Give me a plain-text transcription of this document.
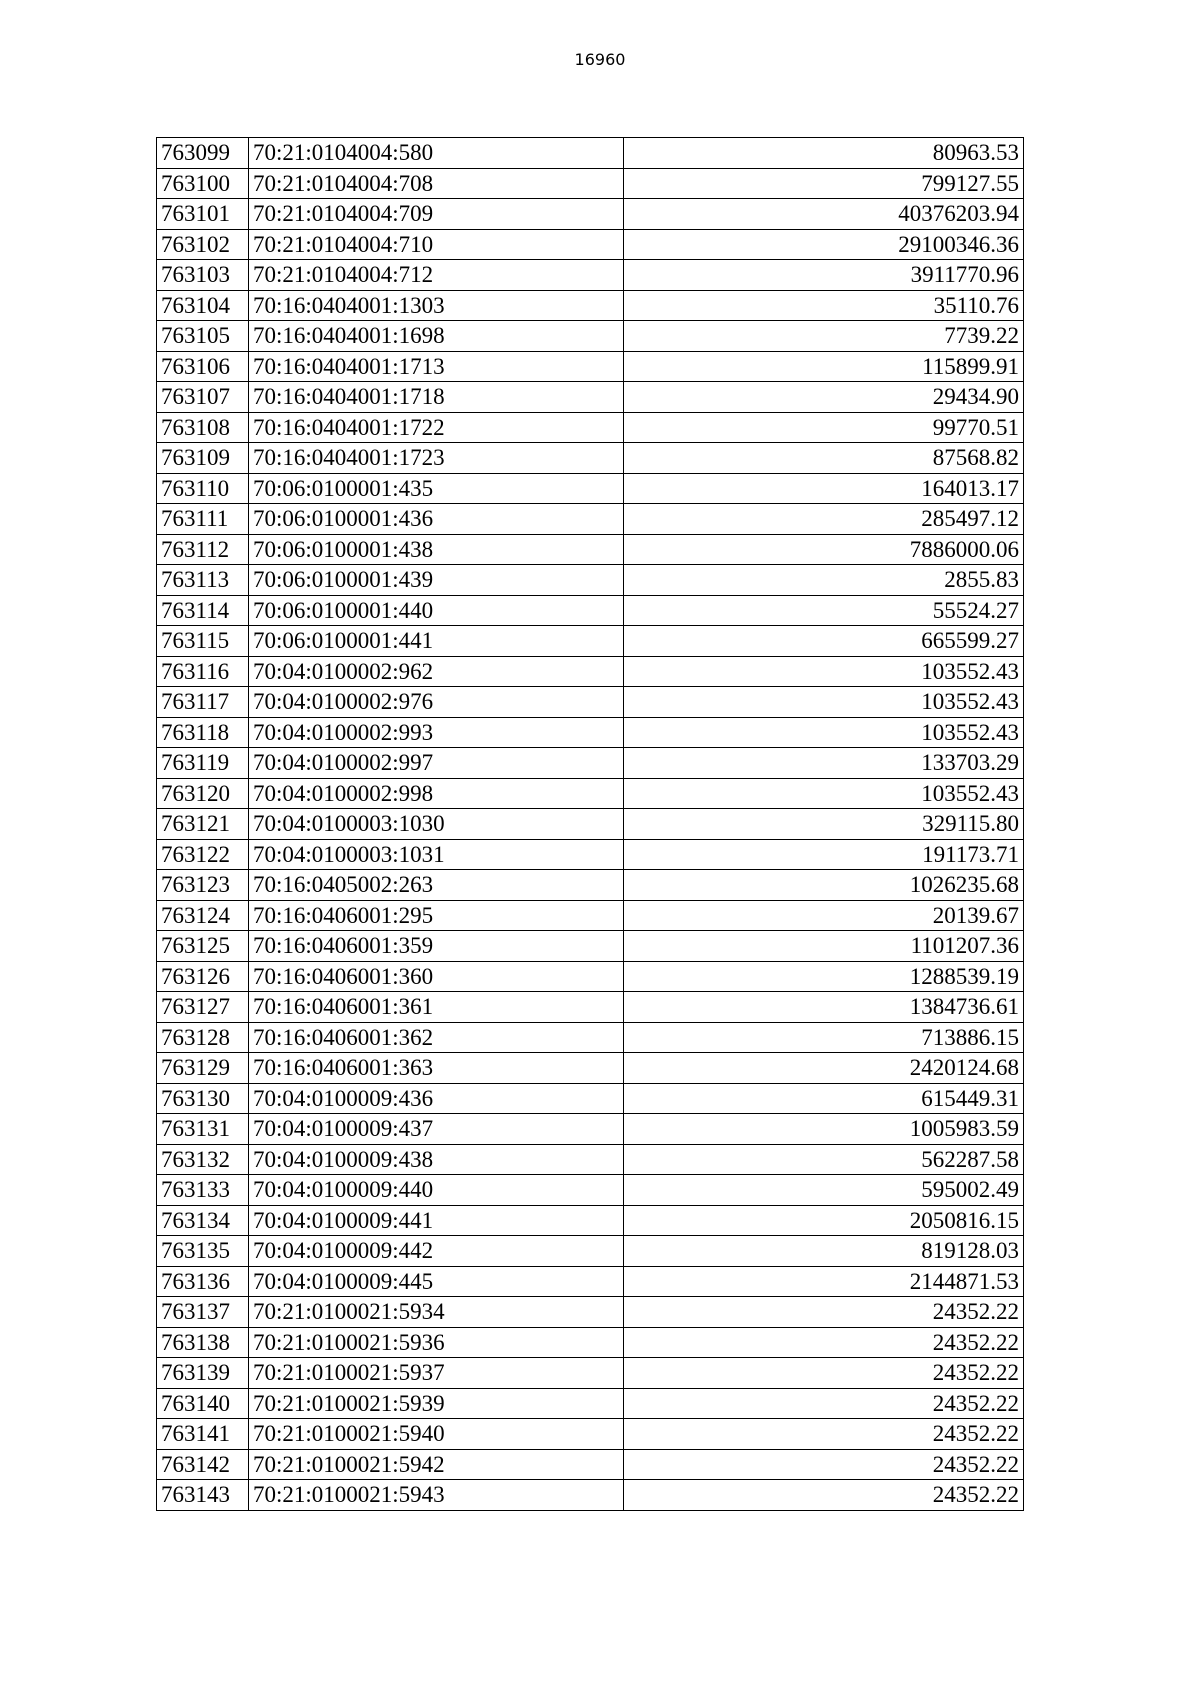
16960
763099	70:21:0104004:580	80963.53
763100	70:21:0104004:708	799127.55
763101	70:21:0104004:709	40376203.94
763102	70:21:0104004:710	29100346.36
763103	70:21:0104004:712	3911770.96
763104	70:16:0404001:1303	35110.76
763105	70:16:0404001:1698	7739.22
763106	70:16:0404001:1713	115899.91
763107	70:16:0404001:1718	29434.90
763108	70:16:0404001:1722	99770.51
763109	70:16:0404001:1723	87568.82
763110	70:06:0100001:435	164013.17
763111	70:06:0100001:436	285497.12
763112	70:06:0100001:438	7886000.06
763113	70:06:0100001:439	2855.83
763114	70:06:0100001:440	55524.27
763115	70:06:0100001:441	665599.27
763116	70:04:0100002:962	103552.43
763117	70:04:0100002:976	103552.43
763118	70:04:0100002:993	103552.43
763119	70:04:0100002:997	133703.29
763120	70:04:0100002:998	103552.43
763121	70:04:0100003:1030	329115.80
763122	70:04:0100003:1031	191173.71
763123	70:16:0405002:263	1026235.68
763124	70:16:0406001:295	20139.67
763125	70:16:0406001:359	1101207.36
763126	70:16:0406001:360	1288539.19
763127	70:16:0406001:361	1384736.61
763128	70:16:0406001:362	713886.15
763129	70:16:0406001:363	2420124.68
763130	70:04:0100009:436	615449.31
763131	70:04:0100009:437	1005983.59
763132	70:04:0100009:438	562287.58
763133	70:04:0100009:440	595002.49
763134	70:04:0100009:441	2050816.15
763135	70:04:0100009:442	819128.03
763136	70:04:0100009:445	2144871.53
763137	70:21:0100021:5934	24352.22
763138	70:21:0100021:5936	24352.22
763139	70:21:0100021:5937	24352.22
763140	70:21:0100021:5939	24352.22
763141	70:21:0100021:5940	24352.22
763142	70:21:0100021:5942	24352.22
763143	70:21:0100021:5943	24352.22
